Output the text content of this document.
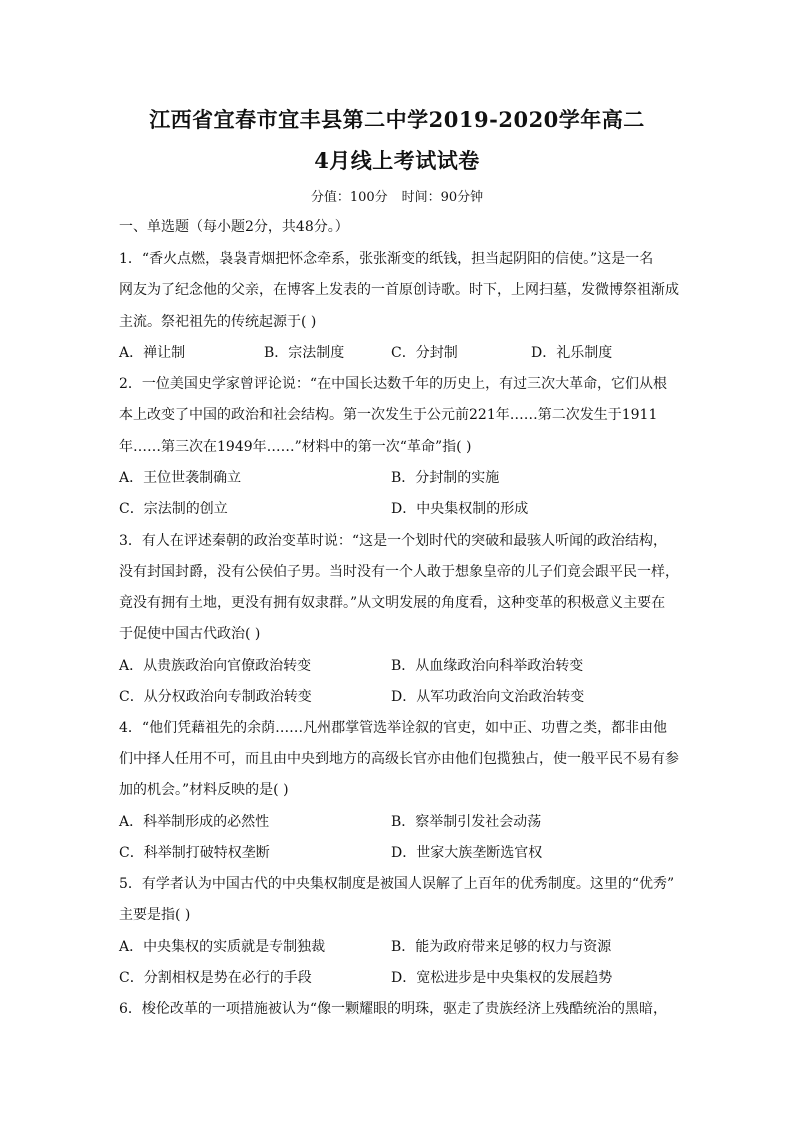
江西省宜春市宜丰县第二中学2019-2020学年高二
4月线上考试试卷
分值：100分 时间：90分钟
一、单选题（每小题2分，共48分。）
1．“香火点燃，袅袅青烟把怀念牵系，张张渐变的纸钱，担当起阴阳的信使。”这是一名
网友为了纪念他的父亲，在博客上发表的一首原创诗歌。时下，上网扫墓，发微博祭祖渐成
主流。祭祀祖先的传统起源于( )
A．禅让制	B．宗法制度	C．分封制	D．礼乐制度
2．一位美国史学家曾评论说：“在中国长达数千年的历史上，有过三次大革命，它们从根
本上改变了中国的政治和社会结构。第一次发生于公元前221年……第二次发生于1911
年……第三次在1949年……”材料中的第一次“革命”指( )
A．王位世袭制确立	B．分封制的实施
C．宗法制的创立	D．中央集权制的形成
3．有人在评述秦朝的政治变革时说：“这是一个划时代的突破和最骇人听闻的政治结构，
没有封国封爵，没有公侯伯子男。当时没有一个人敢于想象皇帝的儿子们竟会跟平民一样，
竟没有拥有土地，更没有拥有奴隶群。”从文明发展的角度看，这种变革的积极意义主要在
于促使中国古代政治( )
A．从贵族政治向官僚政治转变	B．从血缘政治向科举政治转变
C．从分权政治向专制政治转变	D．从军功政治向文治政治转变
4．“他们凭藉祖先的余荫……凡州郡掌管选举诠叙的官吏，如中正、功曹之类，都非由他
们中择人任用不可，而且由中央到地方的高级长官亦由他们包揽独占，使一般平民不易有参
加的机会。”材料反映的是( )
A．科举制形成的必然性	B．察举制引发社会动荡
C．科举制打破特权垄断	D．世家大族垄断选官权
5．有学者认为中国古代的中央集权制度是被国人误解了上百年的优秀制度。这里的“优秀”
主要是指( )
A．中央集权的实质就是专制独裁	B．能为政府带来足够的权力与资源
C．分割相权是势在必行的手段	D．宽松进步是中央集权的发展趋势
6．梭伦改革的一项措施被认为“像一颗耀眼的明珠，驱走了贵族经济上残酷统治的黑暗，
